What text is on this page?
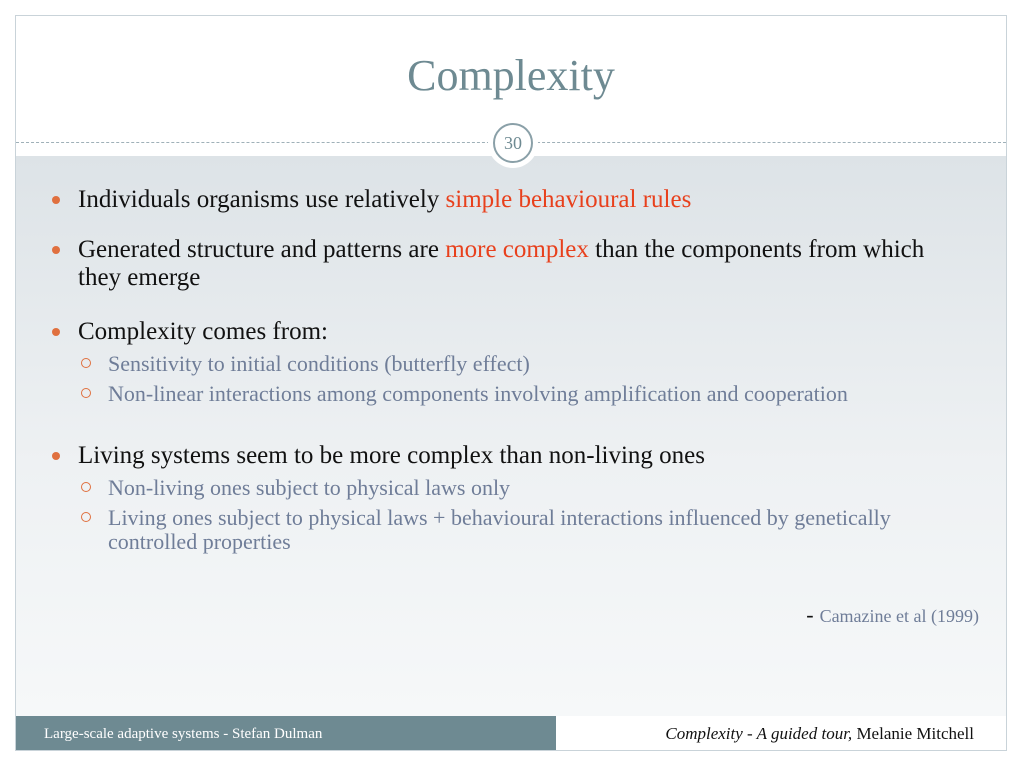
Complexity
30
Individuals organisms use relatively simple behavioural rules
Generated structure and patterns are more complex than the components from which they emerge
Complexity comes from:
Sensitivity to initial conditions (butterfly effect)
Non-linear interactions among components involving amplification and cooperation
Living systems seem to be more complex than non-living ones
Non-living ones subject to physical laws only
Living ones subject to physical laws + behavioural interactions influenced by genetically controlled properties
- Camazine et al (1999)
Large-scale adaptive systems - Stefan Dulman	Complexity - A guided tour, Melanie Mitchell
